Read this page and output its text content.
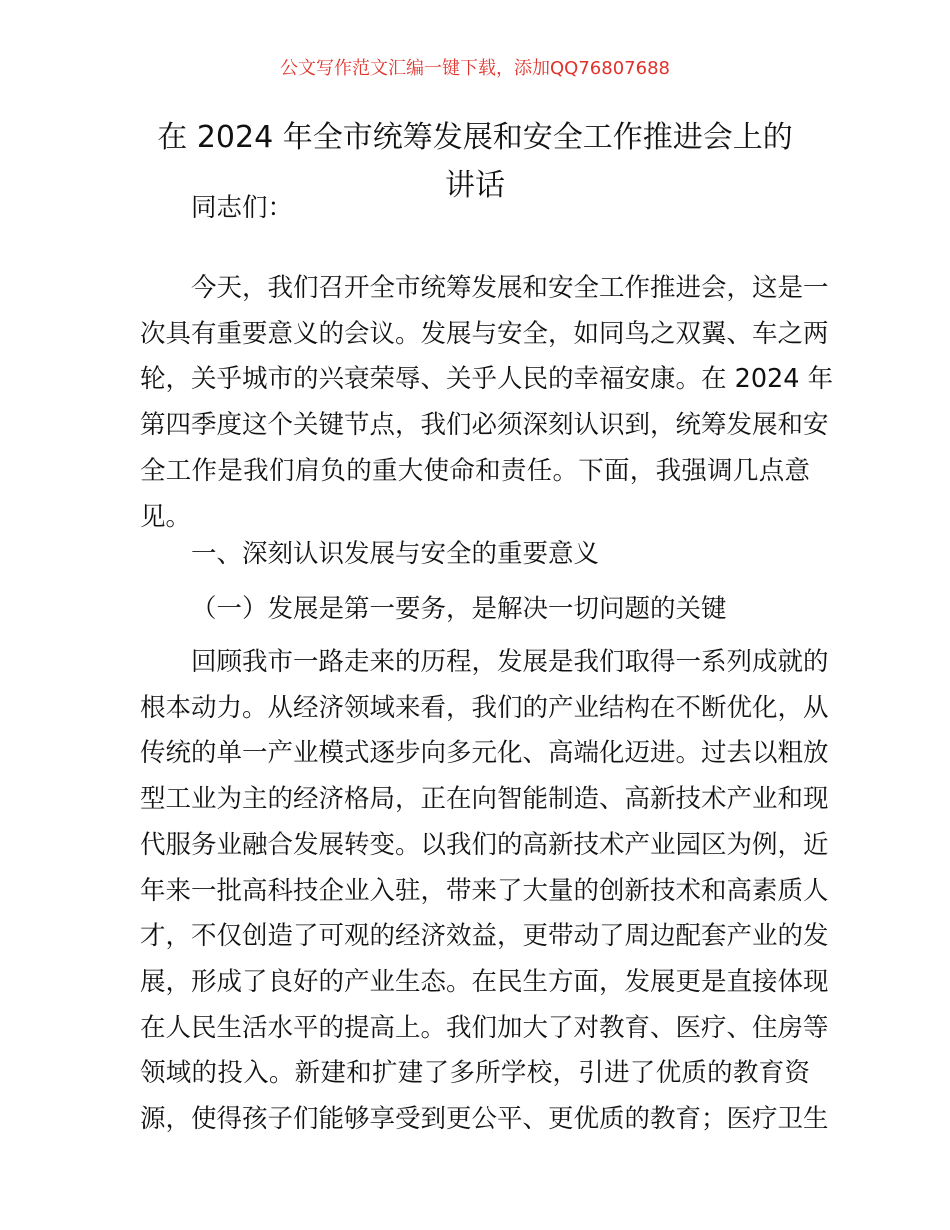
公文写作范文汇编一键下载，添加QQ76807688
在 2024 年全市统筹发展和安全工作推进会上的
讲话
同志们：
今天，我们召开全市统筹发展和安全工作推进会，这是一
次具有重要意义的会议。发展与安全，如同鸟之双翼、车之两
轮，关乎城市的兴衰荣辱、关乎人民的幸福安康。在 2024 年
第四季度这个关键节点，我们必须深刻认识到，统筹发展和安
全工作是我们肩负的重大使命和责任。下面，我强调几点意
见。
一、深刻认识发展与安全的重要意义
（一）发展是第一要务，是解决一切问题的关键
回顾我市一路走来的历程，发展是我们取得一系列成就的
根本动力。从经济领域来看，我们的产业结构在不断优化，从
传统的单一产业模式逐步向多元化、高端化迈进。过去以粗放
型工业为主的经济格局，正在向智能制造、高新技术产业和现
代服务业融合发展转变。以我们的高新技术产业园区为例，近
年来一批高科技企业入驻，带来了大量的创新技术和高素质人
才，不仅创造了可观的经济效益，更带动了周边配套产业的发
展，形成了良好的产业生态。在民生方面，发展更是直接体现
在人民生活水平的提高上。我们加大了对教育、医疗、住房等
领域的投入。新建和扩建了多所学校，引进了优质的教育资
源，使得孩子们能够享受到更公平、更优质的教育；医疗卫生
